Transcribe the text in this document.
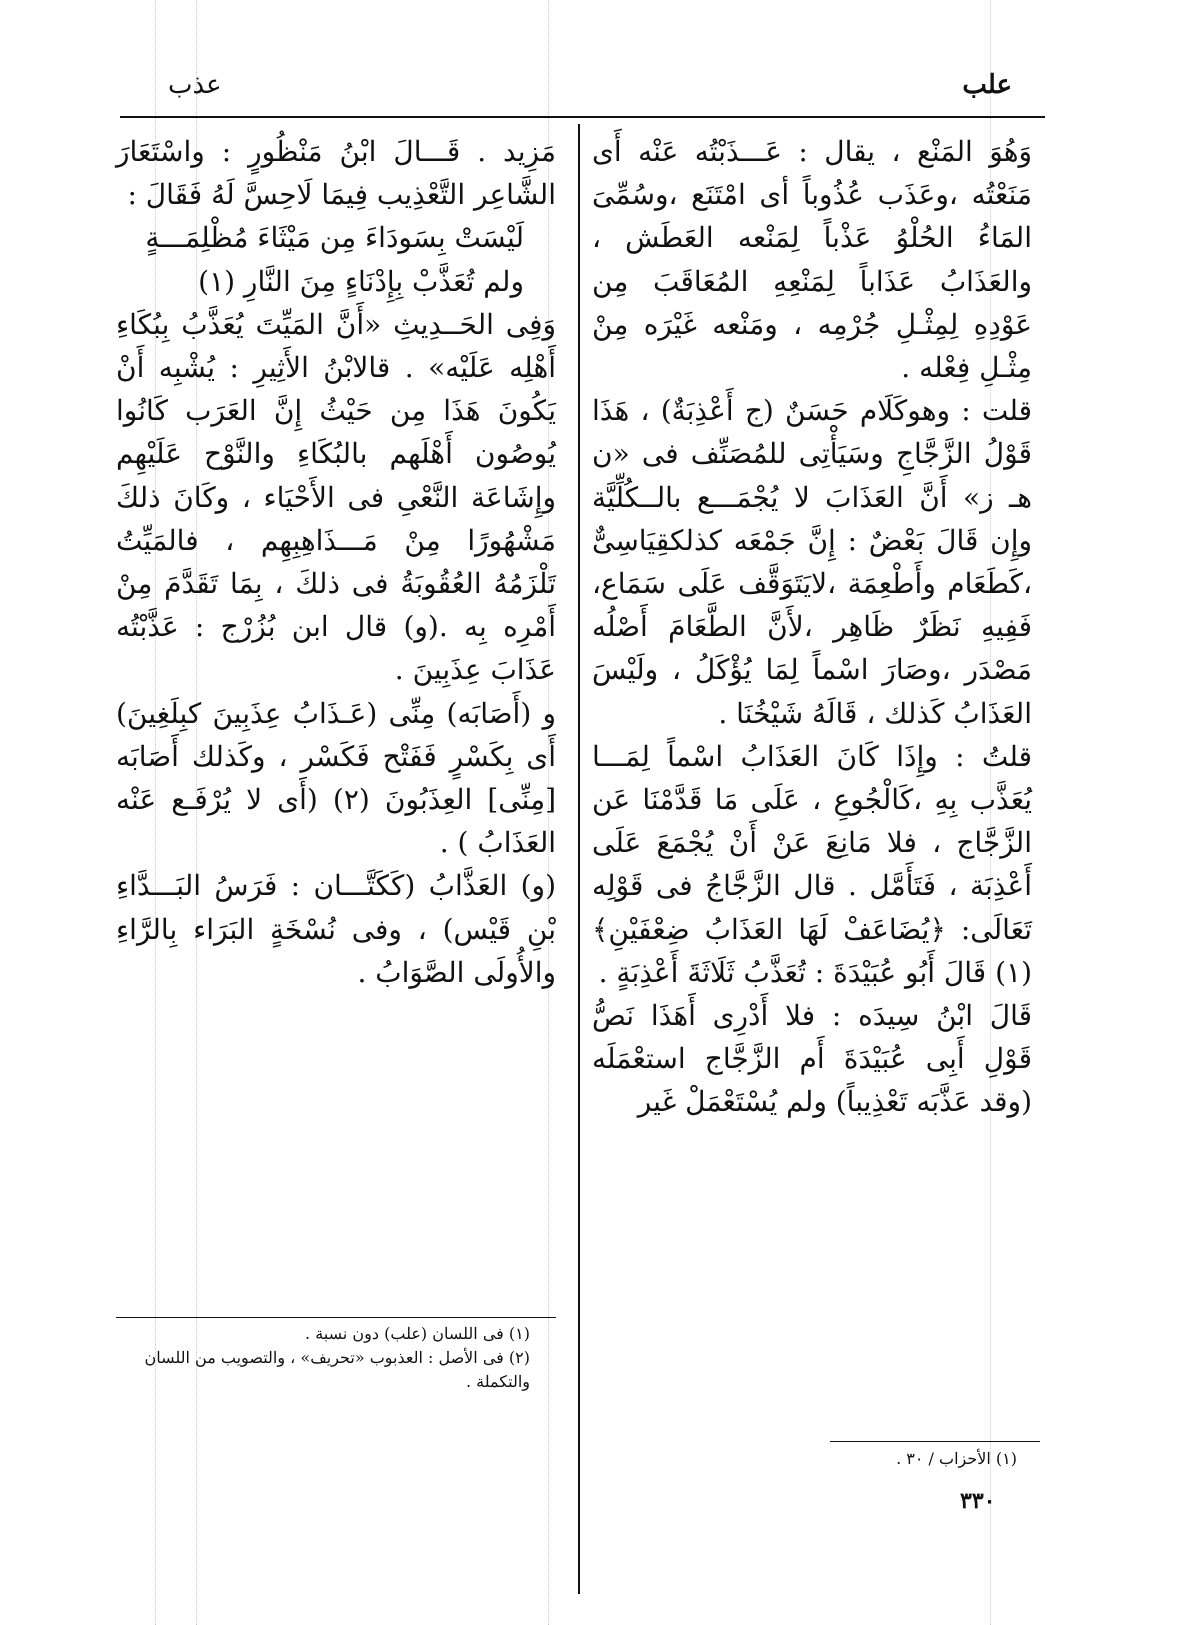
علب
عذب

وَهُوَ المَنْع ، يقال : عَـــذَبْتُه عَنْه أَى مَنَعْتُه ،وعَذَب عُذُوباً أى امْتَنَع ،وسُمِّىَ المَاءُ الحُلْوُ عَذْباً لِمَنْعه العَطَش ، والعَذَابُ عَذَاباً لِمَنْعِهِ المُعَاقَبَ مِن عَوْدِهِ لِمِثْـلِ جُرْمِه ، ومَنْعه غَيْرَه مِنْ مِثْـلِ فِعْله .

قلت : وهوكَلَام حَسَنٌ (ج أَعْذِبَةٌ) ، هَذَا قَوْلُ الزَّجَّاجِ وسَيَأْتِى للمُصَنِّف فى «ن هـ ز» أَنَّ العَذَابَ لا يُجْمَـــع بالــكُلِّيَّة وإِن قَالَ بَعْضٌ : إِنَّ جَمْعَه كذلكقِيَاسِىٌّ ،كَطَعَام وأَطْعِمَة ،لايَتَوَقَّف عَلَى سَمَاع، فَفِيهِ نَظَرٌ ظَاهِر ،لأَنَّ الطَّعَامَ أَصْلُه مَصْدَر ،وصَارَ اسْماً لِمَا يُؤْكَلُ ، ولَيْسَ العَذَابُ كَذلك ، قَالَهُ شَيْخُنَا .

قلتُ : وإِذَا كَانَ العَذَابُ اسْماً لِمَـــا يُعَذَّب بِهِ ،كَالْجُوعِ ، عَلَى مَا قَدَّمْنَا عَن الزَّجَّاج ، فلا مَانِعَ عَنْ أَنْ يُجْمَعَ عَلَى أَعْذِبَة ، فَتَأَمَّل . قال الزَّجَّاجُ فى قَوْلِه تَعَالَى: ﴿يُضَاعَفْ لَهَا العَذَابُ ضِعْفَيْنِ﴾ (١) قَالَ أَبُو عُبَيْدَةَ : تُعَذَّبُ ثَلَاثَةَ أَعْذِبَةٍ .

قَالَ ابْنُ سِيدَه : فلا أَدْرِى أَهَذَا نَصُّ قَوْلِ أَبِى عُبَيْدَةَ أَم الزَّجَّاج استعْمَلَه (وقد عَذَّبَه تَعْذِيباً) ولم يُسْتَعْمَلْ غَير

مَزِيد . قَـــالَ ابْنُ مَنْظُورٍ : واسْتَعَارَ الشَّاعِر التَّعْذِيب فِيمَا لَاحِسَّ لَهُ فَقَالَ :

لَيْسَتْ بِسَودَاءَ مِن مَيْثَاءَ مُظْلِمَـــةٍ

ولم تُعَذَّبْ بِإِدْنَاءٍ مِنَ النَّارِ (١)

وَفِى الحَــدِيثِ «أَنَّ المَيِّتَ يُعَذَّبُ بِبُكَاءِ أَهْلِه عَلَيْه» . قالابْنُ الأَثِيرِ : يُشْبِه أَنْ يَكُونَ هَذَا مِن حَيْثُ إِنَّ العَرَب كَانُوا يُوصُون أَهْلَهم بالبُكَاءِ والنَّوْح عَلَيْهِم وإِشَاعَة النَّعْىِ فى الأَحْيَاء ، وكَانَ ذلكَ مَشْهُورًا مِنْ مَـــذَاهِبِهِم ، فالمَيِّتُ تَلْزَمُهُ العُقُوبَةُ فى ذلكَ ، بِمَا تَقَدَّمَ مِنْ أَمْرِه بِه .(و) قال ابن بُزُرْج : عَذَّبْتُه عَذَابَ عِذَبِينَ .

و (أَصَابَه) مِنِّى (عَـذَابُ عِذَبِينَ كبِلَغِينَ) أَى بِكَسْرٍ فَفَتْح فَكَسْر ، وكَذلك أَصَابَه [مِنِّى] العِذَبُونَ (٢) (أَى لا يُرْفَـع عَنْه العَذَابُ ) .

(و) العَذَّابُ (كَكَتَّـــان : فَرَسُ البَـــدَّاءِ بْنِ قَيْس) ، وفى نُسْخَةٍ البَرَاء بِالرَّاءِ والأُولَى الصَّوَابُ .

(١) فى اللسان (علب) دون نسبة .

(٢) فى الأصل : العذبوب «تحريف» ، والتصويب من اللسان والتكملة .

(١) الأحزاب / ٣٠ .

٣٣٠
